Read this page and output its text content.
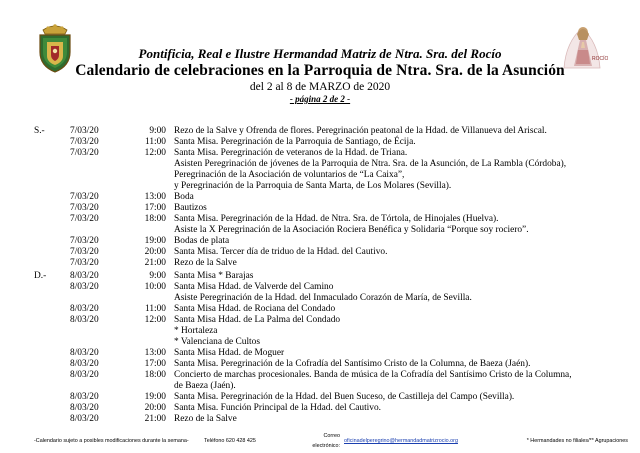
ROCÍO
Pontificia, Real e Ilustre Hermandad Matriz de Ntra. Sra. del Rocío
Calendario de celebraciones en la Parroquia de Ntra. Sra. de la Asunción
del 2 al 8 de MARZO de 2020
- página 2 de 2 -
S.-	7/03/20	9:00 Rezo de la Salve y Ofrenda de flores. Peregrinación peatonal de la Hdad. de Villanueva del Ariscal.
7/03/20	11:00 Santa Misa. Peregrinación de la Parroquia de Santiago, de Écija.
7/03/20	12:00 Santa Misa. Peregrinación de veteranos de la Hdad. de Triana.
Asisten Peregrinación de jóvenes de la Parroquia de Ntra. Sra. de la Asunción, de La Rambla (Córdoba),
Peregrinación de la Asociación de voluntarios de “La Caixa”,
y Peregrinación de la Parroquia de Santa Marta, de Los Molares (Sevilla).
7/03/20	13:00 Boda
7/03/20	17:00 Bautizos
7/03/20	18:00 Santa Misa. Peregrinación de la Hdad. de Ntra. Sra. de Tórtola, de Hinojales (Huelva).
Asiste la X Peregrinación de la Asociación Rociera Benéfica y Solidaria “Porque soy rociero”.
7/03/20	19:00 Bodas de plata
7/03/20	20:00 Santa Misa. Tercer día de triduo de la Hdad. del Cautivo.
7/03/20	21:00 Rezo de la Salve
D.-	8/03/20	9:00 Santa Misa * Barajas
8/03/20	10:00 Santa Misa Hdad. de Valverde del Camino
Asiste Peregrinación de la Hdad. del Inmaculado Corazón de María, de Sevilla.
8/03/20	11:00 Santa Misa Hdad. de Rociana del Condado
8/03/20	12:00 Santa Misa Hdad. de La Palma del Condado
* Hortaleza
* Valenciana de Cultos
8/03/20	13:00 Santa Misa Hdad. de Moguer
8/03/20	17:00 Santa Misa. Peregrinación de la Cofradía del Santísimo Cristo de la Columna, de Baeza (Jaén).
8/03/20	18:00 Concierto de marchas procesionales. Banda de música de la Cofradía del Santísimo Cristo de la Columna,
de Baeza (Jaén).
8/03/20	19:00 Santa Misa. Peregrinación de la Hdad. del Buen Suceso, de Castilleja del Campo (Sevilla).
8/03/20	20:00 Santa Misa. Función Principal de la Hdad. del Cautivo.
8/03/20	21:00 Rezo de la Salve
-Calendario sujeto a posibles modificaciones durante la semana-	Teléfono 620 428 425
Correo electrónico:
oficinadelperegrino@hermandadmatrizrocio.org	* Hermandades no filiales/** Agrupaciones
